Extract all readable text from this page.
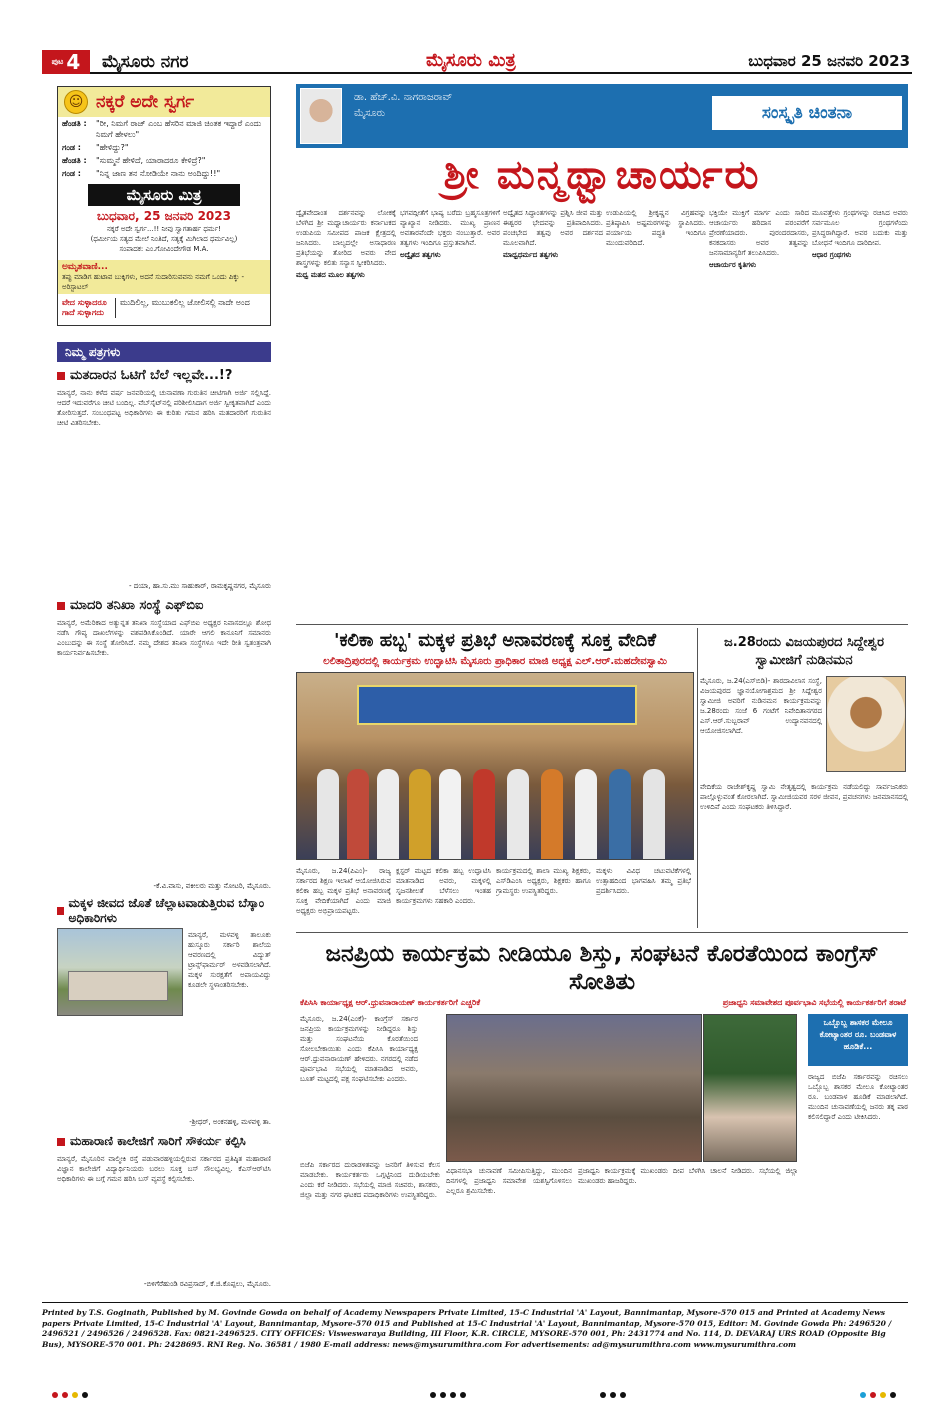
ಪುಟ 4 ಮೈಸೂರು ನಗರ	ಮೈಸೂರು ಮಿತ್ರ	ಬುಧವಾರ 25 ಜನವರಿ 2023
☺ ನಕ್ಕರೆ ಅದೇ ಸ್ವರ್ಗ
ಹೆಂಡತಿ :	"ರೀ, ನಿಮಗೆ ರಾಜ್ ಎಂಬ ಹೆಸರಿನ ಮಾಜಿ ಚಿಂತಕ ಇದ್ದಾರೆ ಎಂದು ನಿಮಗೆ ಹೇಳಲು"
ಗಂಡ :	"ಹೇಳಿದ್ದು?"
ಹೆಂಡತಿ :	"ಸುಮ್ಮನೆ ಹೇಳಿದೆ, ಯಾರಾದರೂ ಕೇಳಿದ್ರೆ?"
ಗಂಡ :	"ನಿನ್ನ ಜಾಣ ತನ ನೋಡಿಯೇ ನಾನು ಅಂದಿದ್ದು!!"
ಮೈಸೂರು ಮಿತ್ರ
ಬುಧವಾರ, 25 ಜನವರಿ 2023
ನಕ್ಕರೆ ಅದೇ ಸ್ವರ್ಗ...!! ನೀವು ಸ್ವಾಗತಾರ್ಹ ಧರ್ಮ!
(ಧರ್ಮೀಯ ಸತ್ಯದ ಮೇಲೆ ನಿಂತಿದೆ, ಸತ್ಯಕ್ಕೆ ಮಿಗಿಲಾದ ಧರ್ಮವಿಲ್ಲ)
ಸಂಪಾದಕ: ಎಂ.ಗೋವಿಂದೇಗೌಡ M.A.
ಅಮೃತವಾಣಿ...
ತಪ್ಪು ಮಾಡಿಗ ಹುಟಾವ ಬುಕ್ಕಿಗಳು, ಅದನೆ ಸುದಾರಿಸುವವನು ನಮಗೆ ಒಂದು ಪಿಕ್ಕು - ಅರಿಸ್ಟಾಟಲ್
ವೇದ ಸುಳ್ಳಾದರೂ ಗಾದೆ ಸುಳ್ಳಾಗದು
ಮುದಿಲಿಲ್ಲ, ಮುಬುಕಲಿಲ್ಲ ಜೋಲಿಸಲ್ಲಿ ನಾದೇ ಅಂದ
ನಿಮ್ಮ ಪತ್ರಗಳು
ಮತದಾರನ ಓಟಿಗೆ ಬೆಲೆ ಇಲ್ಲವೇ...!?
ಮಾನ್ಯರೆ, ನಾನು ಕಳೆದ ವರ್ಷ ಜನವರಿಯಲ್ಲಿ ಚುನಾವಣಾ ಗುರುತಿನ ಚೀಟಿಗಾಗಿ ಅರ್ಜಿ ಸಲ್ಲಿಸಿದ್ದೆ. ಆದರೆ ಇದುವರೆಗೂ ಚೀಟಿ ಬಂದಿಲ್ಲ. ವೆಬ್‌ಸೈಟ್‌ನಲ್ಲಿ ಪರಿಶೀಲಿಸಿದಾಗ ಅರ್ಜಿ ಸ್ವೀಕೃತವಾಗಿದೆ ಎಂದು ತೋರಿಸುತ್ತದೆ. ಸಂಬಂಧಪಟ್ಟ ಅಧಿಕಾರಿಗಳು ಈ ಕುರಿತು ಗಮನ ಹರಿಸಿ ಮತದಾರರಿಗೆ ಗುರುತಿನ ಚೀಟಿ ವಿತರಿಸಬೇಕು.
- ದಯಾ, ಹಾ.ಸು.ಮು ಸಾಹುಕಾರ್, ರಾಮಕೃಷ್ಣನಗರ, ಮೈಸೂರು
ಮಾದರಿ ತನಿಖಾ ಸಂಸ್ಥೆ ಎಫ್‌ಬಿಐ
ಮಾನ್ಯರೆ, ಅಮೆರಿಕಾದ ಅತ್ಯುನ್ನತ ತನಿಖಾ ಸಂಸ್ಥೆಯಾದ ಎಫ್‌ಬಿಐ ಅಧ್ಯಕ್ಷರ ನಿವಾಸದಲ್ಲೂ ಶೋಧ ನಡೆಸಿ ಗೌಪ್ಯ ದಾಖಲೆಗಳನ್ನು ವಶಪಡಿಸಿಕೊಂಡಿದೆ. ಯಾರೇ ಆಗಲಿ ಕಾನೂನಿಗೆ ಸಮಾನರು ಎಂಬುದನ್ನು ಈ ಸಂಸ್ಥೆ ತೋರಿಸಿದೆ. ನಮ್ಮ ದೇಶದ ತನಿಖಾ ಸಂಸ್ಥೆಗಳೂ ಇದೇ ರೀತಿ ಸ್ವತಂತ್ರವಾಗಿ ಕಾರ್ಯನಿರ್ವಹಿಸಬೇಕು.
-ಕೆ.ವಿ.ವಾಸು, ವಕೀಲರು ಮತ್ತು ನೋಟರಿ, ಮೈಸೂರು.
ಮಕ್ಕಳ ಜೀವದ ಜೊತೆ ಚೆಲ್ಲಾಟವಾಡುತ್ತಿರುವ ಬೆಸ್ಕಾಂ ಅಧಿಕಾರಿಗಳು
ಮಾನ್ಯರೆ, ಮಳವಳ್ಳಿ ತಾಲೂಕು ಹುಸ್ಕೂರು ಸರ್ಕಾರಿ ಶಾಲೆಯ ಆವರಣದಲ್ಲಿ ವಿದ್ಯುತ್ ಟ್ರಾನ್ಸ್‌ಫಾರ್ಮರ್ ಅಳವಡಿಸಲಾಗಿದೆ. ಮಕ್ಕಳ ಸುರಕ್ಷತೆಗೆ ಅಪಾಯವಿದ್ದು ಕೂಡಲೇ ಸ್ಥಳಾಂತರಿಸಬೇಕು.
-ಶ್ರೀಧರ್, ಅಂಕನಹಳ್ಳಿ, ಮಳವಳ್ಳಿ ತಾ.
ಮಹಾರಾಣಿ ಕಾಲೇಜಿಗೆ ಸಾರಿಗೆ ಸೌಕರ್ಯ ಕಲ್ಪಿಸಿ
ಮಾನ್ಯರೆ, ಮೈಸೂರಿನ ವಾಲ್ಮೀಕಿ ರಸ್ತೆ ಪಡುವಾರಹಳ್ಳಿಯಲ್ಲಿರುವ ಸರ್ಕಾರದ ಪ್ರತಿಷ್ಠಿತ ಮಹಾರಾಣಿ ವಿಜ್ಞಾನ ಕಾಲೇಜಿಗೆ ವಿದ್ಯಾರ್ಥಿನಿಯರು ಬರಲು ಸೂಕ್ತ ಬಸ್ ಸೌಲಭ್ಯವಿಲ್ಲ. ಕೆಎಸ್‌ಆರ್‌ಟಿಸಿ ಅಧಿಕಾರಿಗಳು ಈ ಬಗ್ಗೆ ಗಮನ ಹರಿಸಿ ಬಸ್ ವ್ಯವಸ್ಥೆ ಕಲ್ಪಿಸಬೇಕು.
-ಬಿಳಿಗೆರೆಹುಂಡಿ ರವಿಪ್ರಸಾದ್, ಕೆ.ಜಿ.ಕೊಪ್ಪಲು, ಮೈಸೂರು.
ಡಾ. ಹೆಚ್.ವಿ. ನಾಗರಾಜರಾವ್
ಮೈಸೂರು	ಸಂಸ್ಕೃತಿ ಚಿಂತನಾ
ಶ್ರೀ ಮನ್ಮಥ್ವಾಚಾರ್ಯರು
ದ್ವೈತವೇದಾಂತ ದರ್ಶನವನ್ನು ಲೋಕಕ್ಕೆ ಬೆಳಗಿದ ಶ್ರೀ ಮಧ್ವಾಚಾರ್ಯರು ಕರ್ನಾಟಕದ ಉಡುಪಿಯ ಸಮೀಪದ ಪಾಜಕ ಕ್ಷೇತ್ರದಲ್ಲಿ ಜನಿಸಿದರು. ಬಾಲ್ಯದಲ್ಲೇ ಅಸಾಧಾರಣ ಪ್ರತಿಭೆಯನ್ನು ತೋರಿದ ಅವರು ವೇದ ಶಾಸ್ತ್ರಗಳನ್ನು ಕಲಿತು ಸನ್ಯಾಸ ಸ್ವೀಕರಿಸಿದರು.
ಮಧ್ವ ಮತದ ಮೂಲ ತತ್ವಗಳು
ಭಗವದ್ಗೀತೆಗೆ ಭಾಷ್ಯ ಬರೆದು ಬ್ರಹ್ಮಸೂತ್ರಗಳಿಗೆ ವ್ಯಾಖ್ಯಾನ ನೀಡಿದರು. ಮುಖ್ಯ ಪ್ರಾಣನ ಅವತಾರವೆಂದೇ ಭಕ್ತರು ನಂಬುತ್ತಾರೆ. ಅವರ ತತ್ವಗಳು ಇಂದಿಗೂ ಪ್ರಸ್ತುತವಾಗಿವೆ.
ಅದ್ವೈತದ ತತ್ವಗಳು
ಅದ್ವೈತದ ಸಿದ್ಧಾಂತಗಳನ್ನು ಪ್ರಶ್ನಿಸಿ ಜೀವ ಮತ್ತು ಈಶ್ವರರ ಭೇದವನ್ನು ಪ್ರತಿಪಾದಿಸಿದರು. ಪಂಚಭೇದ ತತ್ವವು ಅವರ ದರ್ಶನದ ಮೂಲವಾಗಿದೆ.
ಮಾಧ್ವಧರ್ಮದ ತತ್ವಗಳು
ಉಡುಪಿಯಲ್ಲಿ ಶ್ರೀಕೃಷ್ಣನ ವಿಗ್ರಹವನ್ನು ಪ್ರತಿಷ್ಠಾಪಿಸಿ ಅಷ್ಟಮಠಗಳನ್ನು ಸ್ಥಾಪಿಸಿದರು. ಪರ್ಯಾಯ ಪದ್ಧತಿ ಇಂದಿಗೂ ಮುಂದುವರಿದಿದೆ.
ಭಕ್ತಿಯೇ ಮುಕ್ತಿಗೆ ಮಾರ್ಗ ಎಂದು ಸಾರಿದ ಆಚಾರ್ಯರು ಹರಿದಾಸ ಪರಂಪರೆಗೆ ಪ್ರೇರಣೆಯಾದರು. ಪುರಂದರದಾಸರು, ಕನಕದಾಸರು ಅವರ ತತ್ವವನ್ನು ಜನಸಾಮಾನ್ಯರಿಗೆ ತಲುಪಿಸಿದರು.
ಆಚಾರ್ಯರ ಕೃತಿಗಳು
ಮೂವತ್ತೇಳು ಗ್ರಂಥಗಳನ್ನು ರಚಿಸಿದ ಅವರು ಸರ್ವಮೂಲ ಗ್ರಂಥಗಳೆಂದು ಪ್ರಸಿದ್ಧರಾಗಿದ್ದಾರೆ. ಅವರ ಬದುಕು ಮತ್ತು ಬೋಧನೆ ಇಂದಿಗೂ ದಾರಿದೀಪ.
ಆಧಾರ ಗ್ರಂಥಗಳು
'ಕಲಿಕಾ ಹಬ್ಬ' ಮಕ್ಕಳ ಪ್ರತಿಭೆ ಅನಾವರಣಕ್ಕೆ ಸೂಕ್ತ ವೇದಿಕೆ
ಲಲಿತಾದ್ರಿಪುರದಲ್ಲಿ ಕಾರ್ಯಕ್ರಮ ಉದ್ಘಾಟಿಸಿ ಮೈಸೂರು ಪ್ರಾಧಿಕಾರ ಮಾಜಿ ಅಧ್ಯಕ್ಷ ಎಲ್.ಆರ್.ಮಹದೇವಸ್ವಾಮಿ
ಮೈಸೂರು, ಜ.24(ಪಿಎಂ)- ರಾಜ್ಯ ಸರ್ಕಾರದ ಶಿಕ್ಷಣ ಇಲಾಖೆ ಆಯೋಜಿಸಿರುವ ಕಲಿಕಾ ಹಬ್ಬ ಮಕ್ಕಳ ಪ್ರತಿಭೆ ಅನಾವರಣಕ್ಕೆ ಸೂಕ್ತ ವೇದಿಕೆಯಾಗಿದೆ ಎಂದು ಮಾಜಿ ಅಧ್ಯಕ್ಷರು ಅಭಿಪ್ರಾಯಪಟ್ಟರು.
ಕ್ಲಸ್ಟರ್ ಮಟ್ಟದ ಕಲಿಕಾ ಹಬ್ಬ ಉದ್ಘಾಟಿಸಿ ಮಾತನಾಡಿದ ಅವರು, ಮಕ್ಕಳಲ್ಲಿ ಸೃಜನಶೀಲತೆ ಬೆಳೆಸಲು ಇಂತಹ ಕಾರ್ಯಕ್ರಮಗಳು ಸಹಕಾರಿ ಎಂದರು.
ಕಾರ್ಯಕ್ರಮದಲ್ಲಿ ಶಾಲಾ ಮುಖ್ಯ ಶಿಕ್ಷಕರು, ಎಸ್‌ಡಿಎಂಸಿ ಅಧ್ಯಕ್ಷರು, ಶಿಕ್ಷಕರು ಹಾಗೂ ಗ್ರಾಮಸ್ಥರು ಉಪಸ್ಥಿತರಿದ್ದರು.
ಮಕ್ಕಳು ವಿವಿಧ ಚಟುವಟಿಕೆಗಳಲ್ಲಿ ಉತ್ಸಾಹದಿಂದ ಭಾಗವಹಿಸಿ ತಮ್ಮ ಪ್ರತಿಭೆ ಪ್ರದರ್ಶಿಸಿದರು.
ಜ.28ರಂದು ವಿಜಯಪುರದ ಸಿದ್ದೇಶ್ವರ ಸ್ವಾಮೀಜಿಗೆ ನುಡಿನಮನ
ಮೈಸೂರು, ಜ.24(ಎಸ್‌ಬಿಡಿ)- ಶಾರದಾವಿಲಾಸ ಸಂಸ್ಥೆ, ವಿಜಯಪುರದ ಜ್ಞಾನಯೋಗಾಶ್ರಮದ ಶ್ರೀ ಸಿದ್ದೇಶ್ವರ ಸ್ವಾಮೀಜಿ ಅವರಿಗೆ ನುಡಿನಮನ ಕಾರ್ಯಕ್ರಮವನ್ನು ಜ.28ರಂದು ಸಂಜೆ 6 ಗಂಟೆಗೆ ನಿವೇದಿತಾನಗರದ ಎಸ್.ಆರ್.ಸುಬ್ಬರಾವ್ ಉದ್ಯಾನವನದಲ್ಲಿ ಆಯೋಜಿಸಲಾಗಿದೆ.
ವೇದಿಕೆಯ ರಾಜೇಶ್‌ಕೃಷ್ಣ ಸ್ವಾಮಿ ನೇತೃತ್ವದಲ್ಲಿ ಕಾರ್ಯಕ್ರಮ ನಡೆಯಲಿದ್ದು ಸಾರ್ವಜನಿಕರು ಪಾಲ್ಗೊಳ್ಳುವಂತೆ ಕೋರಲಾಗಿದೆ. ಸ್ವಾಮೀಜಿಯವರ ಸರಳ ಜೀವನ, ಪ್ರವಚನಗಳು ಜನಮಾನಸದಲ್ಲಿ ಉಳಿದಿವೆ ಎಂದು ಸಂಘಟಕರು ತಿಳಿಸಿದ್ದಾರೆ.
ಜನಪ್ರಿಯ ಕಾರ್ಯಕ್ರಮ ನೀಡಿಯೂ ಶಿಸ್ತು, ಸಂಘಟನೆ ಕೊರತೆಯಿಂದ ಕಾಂಗ್ರೆಸ್ ಸೋತಿತು
ಕೆಪಿಸಿಸಿ ಕಾರ್ಯಾಧ್ಯಕ್ಷ ಆರ್.ಧ್ರುವನಾರಾಯಣ್ ಕಾರ್ಯಕರ್ತರಿಗೆ ಎಚ್ಚರಿಕೆ	ಪ್ರಜಾಧ್ವನಿ ಸಮಾವೇಶದ ಪೂರ್ವಭಾವಿ ಸಭೆಯಲ್ಲಿ ಕಾರ್ಯಕರ್ತರಿಗೆ ತರಾಟೆ
ಮೈಸೂರು, ಜ.24(ಎಂಕೆ)- ಕಾಂಗ್ರೆಸ್ ಸರ್ಕಾರ ಜನಪ್ರಿಯ ಕಾರ್ಯಕ್ರಮಗಳನ್ನು ನೀಡಿದ್ದರೂ ಶಿಸ್ತು ಮತ್ತು ಸಂಘಟನೆಯ ಕೊರತೆಯಿಂದ ಸೋಲಬೇಕಾಯಿತು ಎಂದು ಕೆಪಿಸಿಸಿ ಕಾರ್ಯಾಧ್ಯಕ್ಷ ಆರ್.ಧ್ರುವನಾರಾಯಣ್ ಹೇಳಿದರು. ನಗರದಲ್ಲಿ ನಡೆದ ಪೂರ್ವಭಾವಿ ಸಭೆಯಲ್ಲಿ ಮಾತನಾಡಿದ ಅವರು, ಬೂತ್ ಮಟ್ಟದಲ್ಲಿ ಪಕ್ಷ ಸಂಘಟಿಸಬೇಕು ಎಂದರು.
ಬಿಜೆಪಿ ಸರ್ಕಾರದ ದುರಾಡಳಿತವನ್ನು ಜನರಿಗೆ ತಿಳಿಸುವ ಕೆಲಸ ಮಾಡಬೇಕು. ಕಾರ್ಯಕರ್ತರು ಒಗ್ಗಟ್ಟಿನಿಂದ ದುಡಿಯಬೇಕು ಎಂದು ಕರೆ ನೀಡಿದರು. ಸಭೆಯಲ್ಲಿ ಮಾಜಿ ಸಚಿವರು, ಶಾಸಕರು, ಜಿಲ್ಲಾ ಮತ್ತು ನಗರ ಘಟಕದ ಪದಾಧಿಕಾರಿಗಳು ಉಪಸ್ಥಿತರಿದ್ದರು.
ವಿಧಾನಸಭಾ ಚುನಾವಣೆ ಸಮೀಪಿಸುತ್ತಿದ್ದು, ಮುಂದಿನ ದಿನಗಳಲ್ಲಿ ಪ್ರಜಾಧ್ವನಿ ಸಮಾವೇಶ ಯಶಸ್ವಿಗೊಳಿಸಲು ಎಲ್ಲರೂ ಶ್ರಮಿಸಬೇಕು.
ಪ್ರಜಾಧ್ವನಿ ಕಾರ್ಯಕ್ರಮಕ್ಕೆ ಮುಖಂಡರು ದೀಪ ಬೆಳಗಿಸಿ ಚಾಲನೆ ನೀಡಿದರು. ಸಭೆಯಲ್ಲಿ ಜಿಲ್ಲಾ ಮುಖಂಡರು ಹಾಜರಿದ್ದರು.
ಒಬ್ಬೊಬ್ಬ ಶಾಸಕರ ಮೇಲೂ ಕೋಟ್ಯಾಂತರ ರೂ. ಬಂಡವಾಳ ಹೂಡಿಕೆ...
ರಾಜ್ಯದ ಬಿಜೆಪಿ ಸರ್ಕಾರವನ್ನು ರಚಿಸಲು ಒಬ್ಬೊಬ್ಬ ಶಾಸಕರ ಮೇಲೂ ಕೋಟ್ಯಾಂತರ ರೂ. ಬಂಡವಾಳ ಹೂಡಿಕೆ ಮಾಡಲಾಗಿದೆ. ಮುಂದಿನ ಚುನಾವಣೆಯಲ್ಲಿ ಜನರು ತಕ್ಕ ಪಾಠ ಕಲಿಸಲಿದ್ದಾರೆ ಎಂದು ಟೀಕಿಸಿದರು.
Printed by T.S. Goginath, Published by M. Govinde Gowda on behalf of Academy Newspapers Private Limited, 15-C Industrial 'A' Layout, Bannimantap, Mysore-570 015 and Printed at Academy News papers Private Limited, 15-C Industrial 'A' Layout, Bannimantap, Mysore-570 015 and Published at 15-C Industrial 'A' Layout, Bannimantap, Mysore-570 015, Editor: M. Govinde Gowda Ph: 2496520 / 2496521 / 2496526 / 2496528. Fax: 0821-2496525. CITY OFFICES: Visweswaraya Building, III Floor, K.R. CIRCLE, MYSORE-570 001, Ph: 2431774 and No. 114, D. DEVARAJ URS ROAD (Opposite Big Bus), MYSORE-570 001. Ph: 2428695. RNI Reg. No. 36581 / 1980 E-mail address: news@mysurumithra.com For advertisements: ad@mysurumithra.com www.mysurumithra.com
